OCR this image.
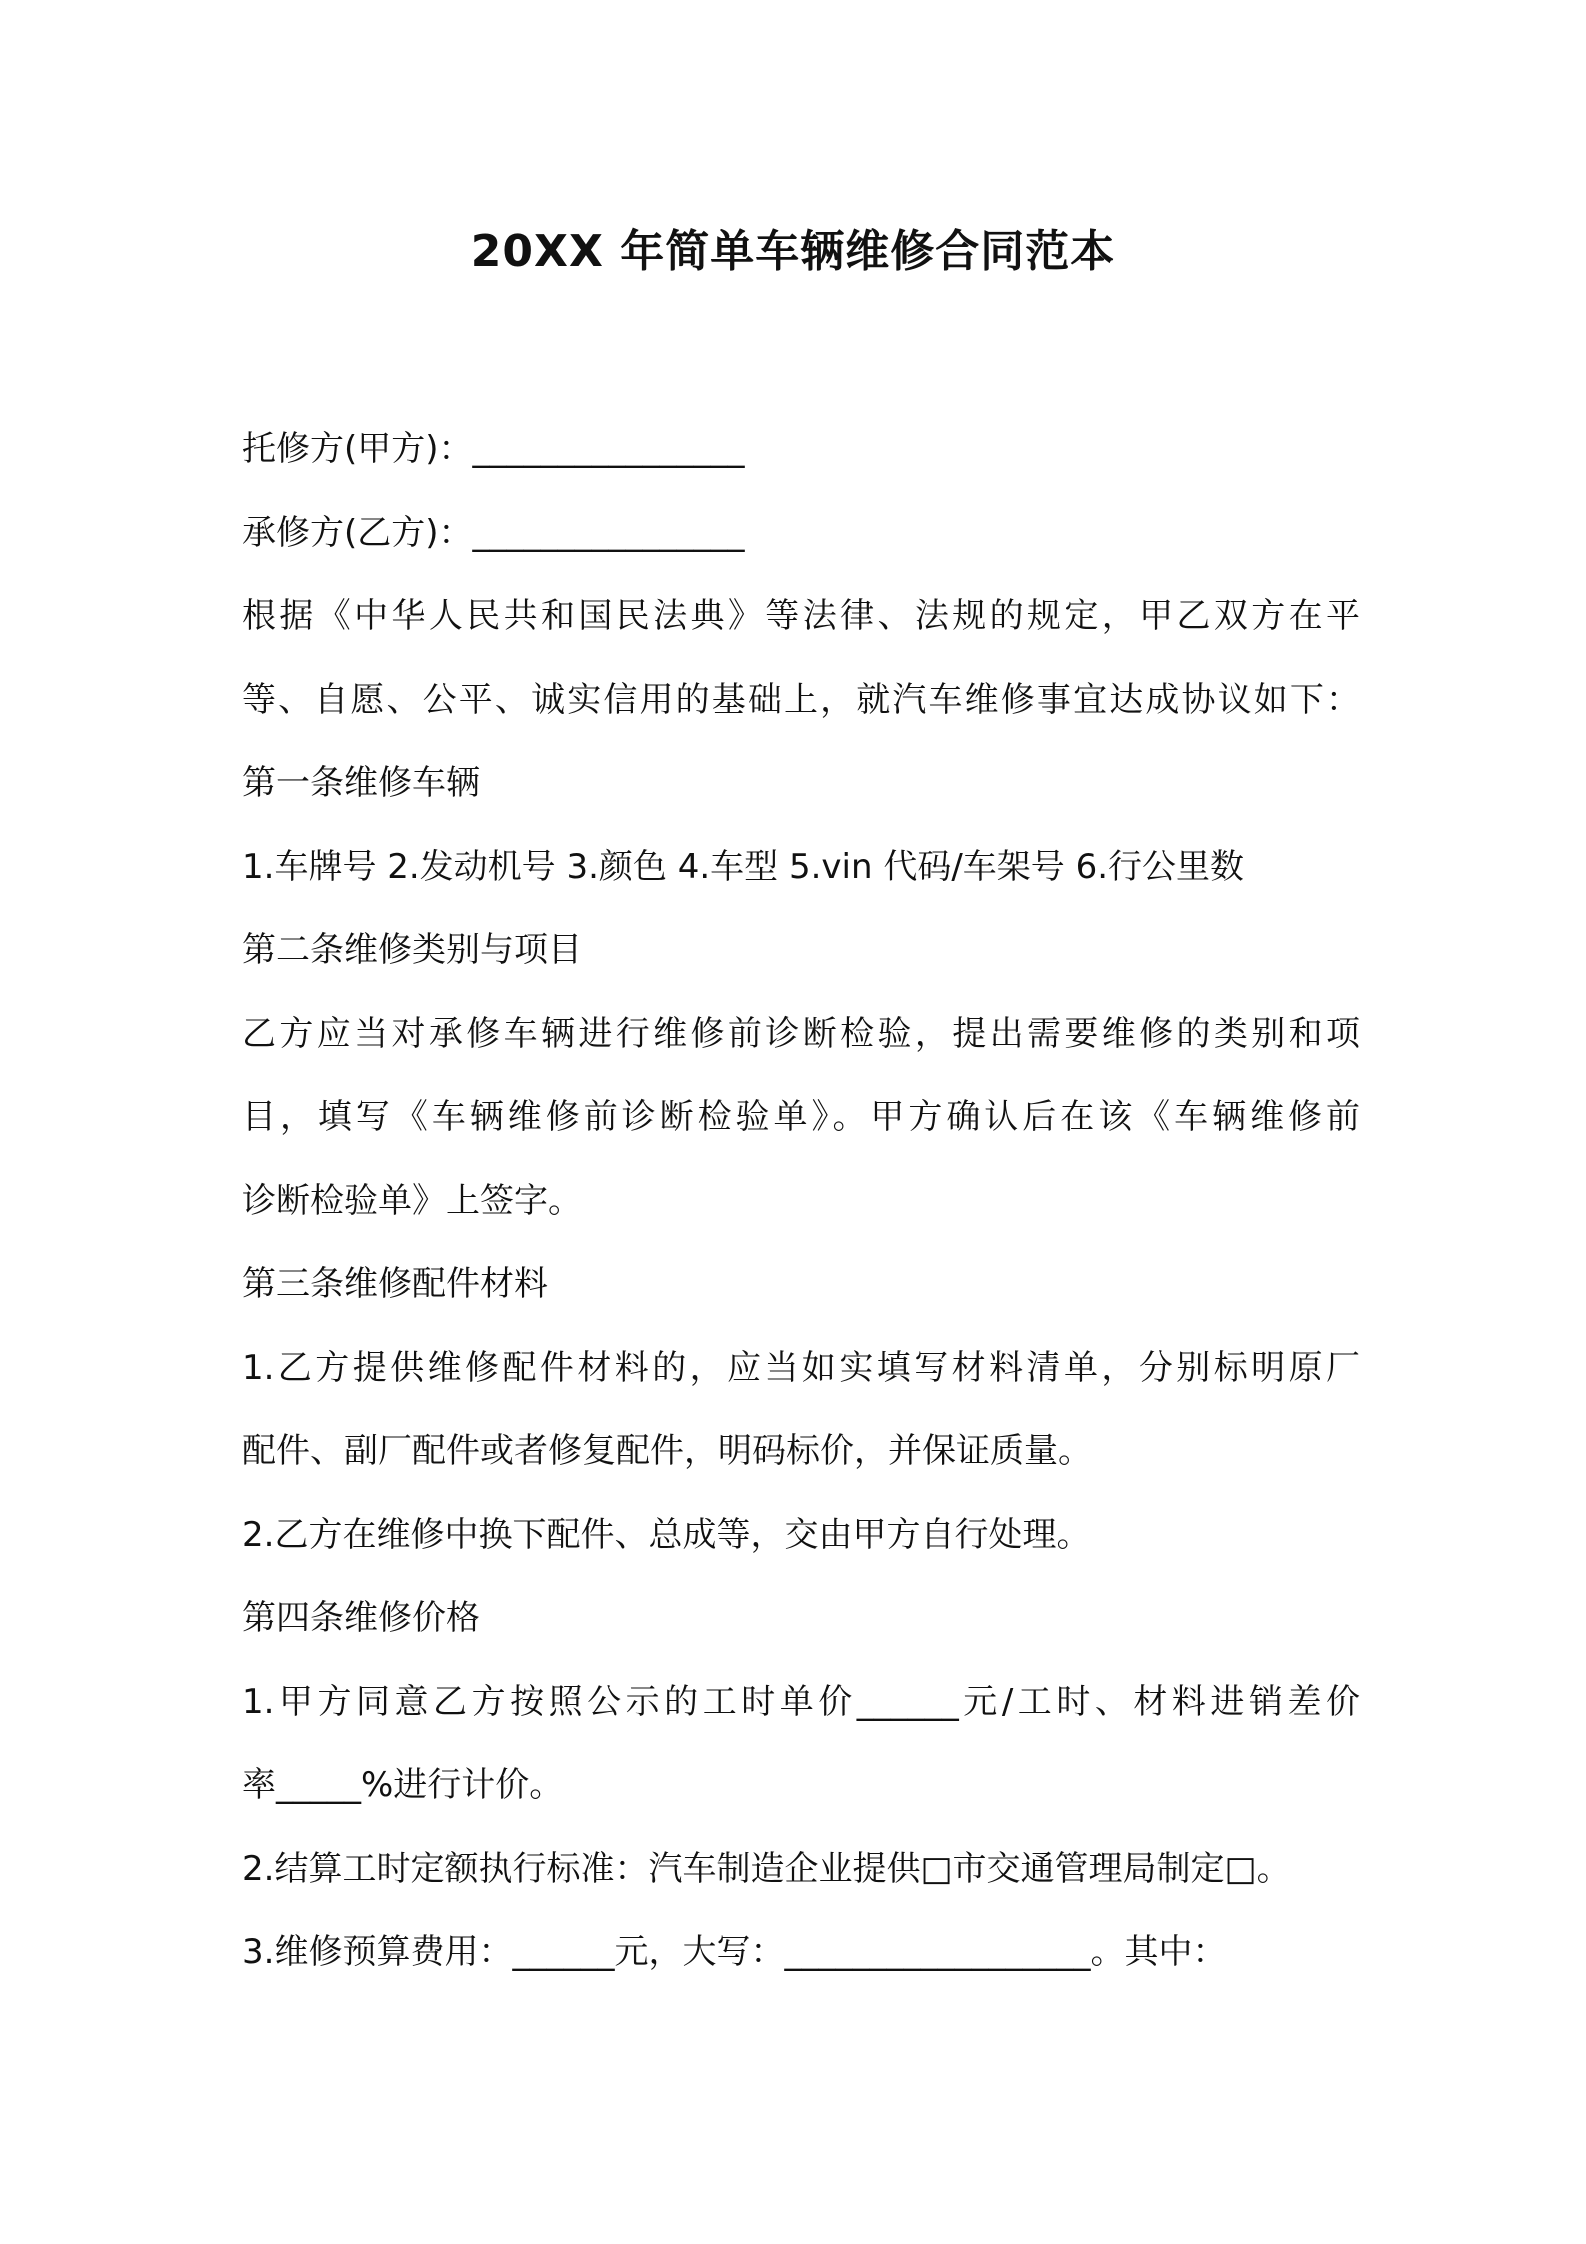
20XX 年简单车辆维修合同范本
托修方(甲方)：________________
承修方(乙方)：________________
根据《中华人民共和国民法典》等法律、法规的规定，甲乙双方在平
等、自愿、公平、诚实信用的基础上，就汽车维修事宜达成协议如下：
第一条维修车辆
1.车牌号 2.发动机号 3.颜色 4.车型 5.vin 代码/车架号 6.行公里数
第二条维修类别与项目
乙方应当对承修车辆进行维修前诊断检验，提出需要维修的类别和项
目，填写《车辆维修前诊断检验单》。甲方确认后在该《车辆维修前
诊断检验单》上签字。
第三条维修配件材料
1.乙方提供维修配件材料的，应当如实填写材料清单，分别标明原厂
配件、副厂配件或者修复配件，明码标价，并保证质量。
2.乙方在维修中换下配件、总成等，交由甲方自行处理。
第四条维修价格
1.甲方同意乙方按照公示的工时单价______元/工时、材料进销差价
率_____%进行计价。
2.结算工时定额执行标准：汽车制造企业提供□市交通管理局制定□。
3.维修预算费用：______元，大写：__________________。其中：
